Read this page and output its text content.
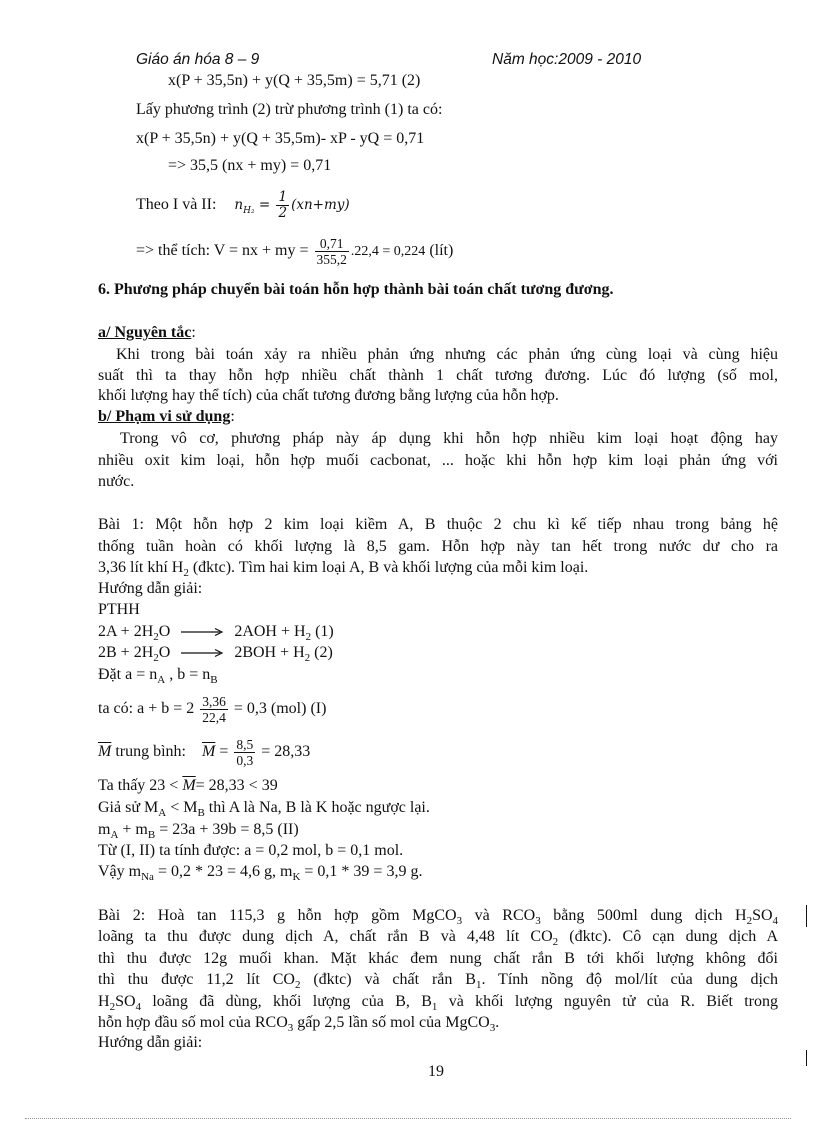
Giáo án hóa 8 – 9	Năm học:2009 - 2010
x(P + 35,5n) + y(Q + 35,5m) = 5,71 (2)
Lấy phương trình (2) trừ phương trình (1) ta có:
x(P + 35,5n) + y(Q + 35,5m)- xP - yQ = 0,71
=> 35,5 (nx + my) = 0,71
Theo I và II: $n_{H_2} = \frac{1}{2} (xn+my)$
=> thể tích: V = nx + my = $\frac{0,71}{355,2} .22,4 = 0,224$ (lít)
6. Phương pháp chuyển bài toán hỗn hợp thành bài toán chất tương đương.
a/ Nguyên tắc:
Khi trong bài toán xảy ra nhiều phản ứng nhưng các phản ứng cùng loại và cùng hiệu
suất thì ta thay hỗn hợp nhiều chất thành 1 chất tương đương. Lúc đó lượng (số mol,
khối lượng hay thể tích) của chất tương đương bằng lượng của hỗn hợp.
b/ Phạm vi sử dụng:
Trong vô cơ, phương pháp này áp dụng khi hỗn hợp nhiều kim loại hoạt động hay
nhiều oxit kim loại, hỗn hợp muối cacbonat, ... hoặc khi hỗn hợp kim loại phản ứng với
nước.
Bài 1: Một hỗn hợp 2 kim loại kiềm A, B thuộc 2 chu kì kế tiếp nhau trong bảng hệ
thống tuần hoàn có khối lượng là 8,5 gam. Hỗn hợp này tan hết trong nước dư cho ra
3,36 lít khí $H_2$ (đktc). Tìm hai kim loại A, B và khối lượng của mỗi kim loại.
Hướng dẫn giải:
PTHH
$2A + 2H_2O \to 2AOH + H_2$ (1)
$2B + 2H_2O \to 2BOH + H_2$ (2)
Đặt $a = n_A$ , $b = n_B$
ta có: $a + b = 2 \frac{3,36}{22,4} = 0,3$ (mol) (I)
$\overline{M}$ trung bình: $\overline{M} = \frac{8,5}{0,3} = 28,33$
Ta thấy $23 < \overline{M}= 28,33 < 39$
Giả sử $M_A < M_B$ thì A là Na, B là K hoặc ngược lại.
$m_A + m_B = 23a + 39b = 8,5$ (II)
Từ (I, II) ta tính được: a = 0,2 mol, b = 0,1 mol.
Vậy $m_{Na} = 0,2 * 23 = 4,6$ g, $m_K = 0,1 * 39 = 3,9$ g.
Bài 2: Hoà tan 115,3 g hỗn hợp gồm MgCO$_3$ và $RCO_3$ bằng 500ml dung dịch $H_2SO_4$
loãng ta thu được dung dịch A, chất rắn B và 4,48 lít $CO_2$ (đktc). Cô cạn dung dịch A
thì thu được 12g muối khan. Mặt khác đem nung chất rắn B tới khối lượng không đổi
thì thu được 11,2 lít $CO_2$ (đktc) và chất rắn $B_1$. Tính nồng độ mol/lít của dung dịch
$H_2SO_4$ loãng đã dùng, khối lượng của B, $B_1$ và khối lượng nguyên tử của R. Biết trong
hỗn hợp đầu số mol của $RCO_3$ gấp 2,5 lần số mol của MgCO$_3$.
Hướng dẫn giải:
19
